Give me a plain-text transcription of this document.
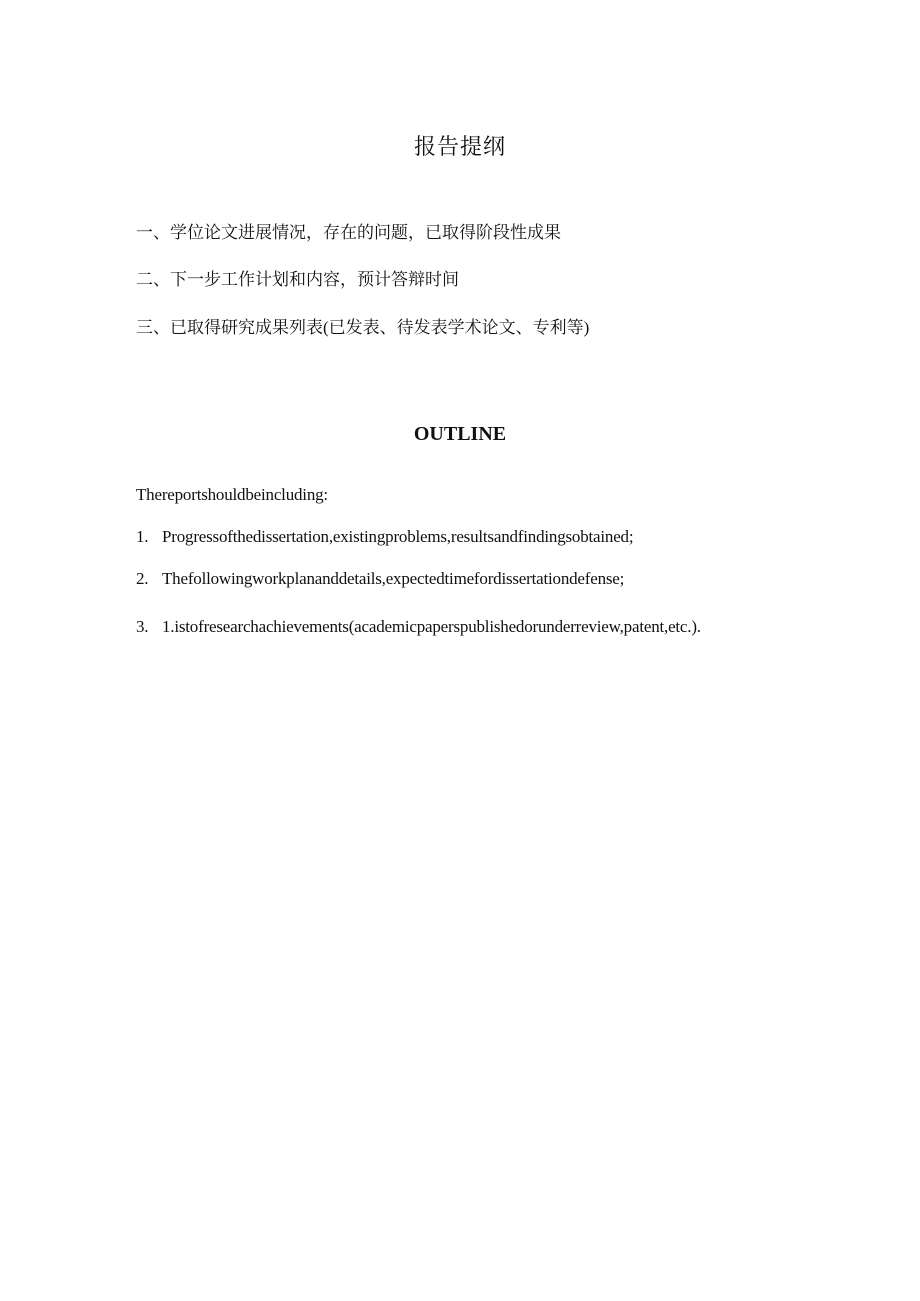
报告提纲
一、学位论文进展情况，存在的问题，已取得阶段性成果
二、下一步工作计划和内容，预计答辩时间
三、已取得研究成果列表(已发表、待发表学术论文、专利等)
OUTLINE
Thereportshouldbeincluding:
1. Progressofthedissertation,existingproblems,resultsandfindingsobtained;
2. Thefollowingworkplananddetails,expectedtimefordissertationdefense;
3. 1.istofresearchachievements(academicpaperspublishedorunderreview,patent,etc.).
